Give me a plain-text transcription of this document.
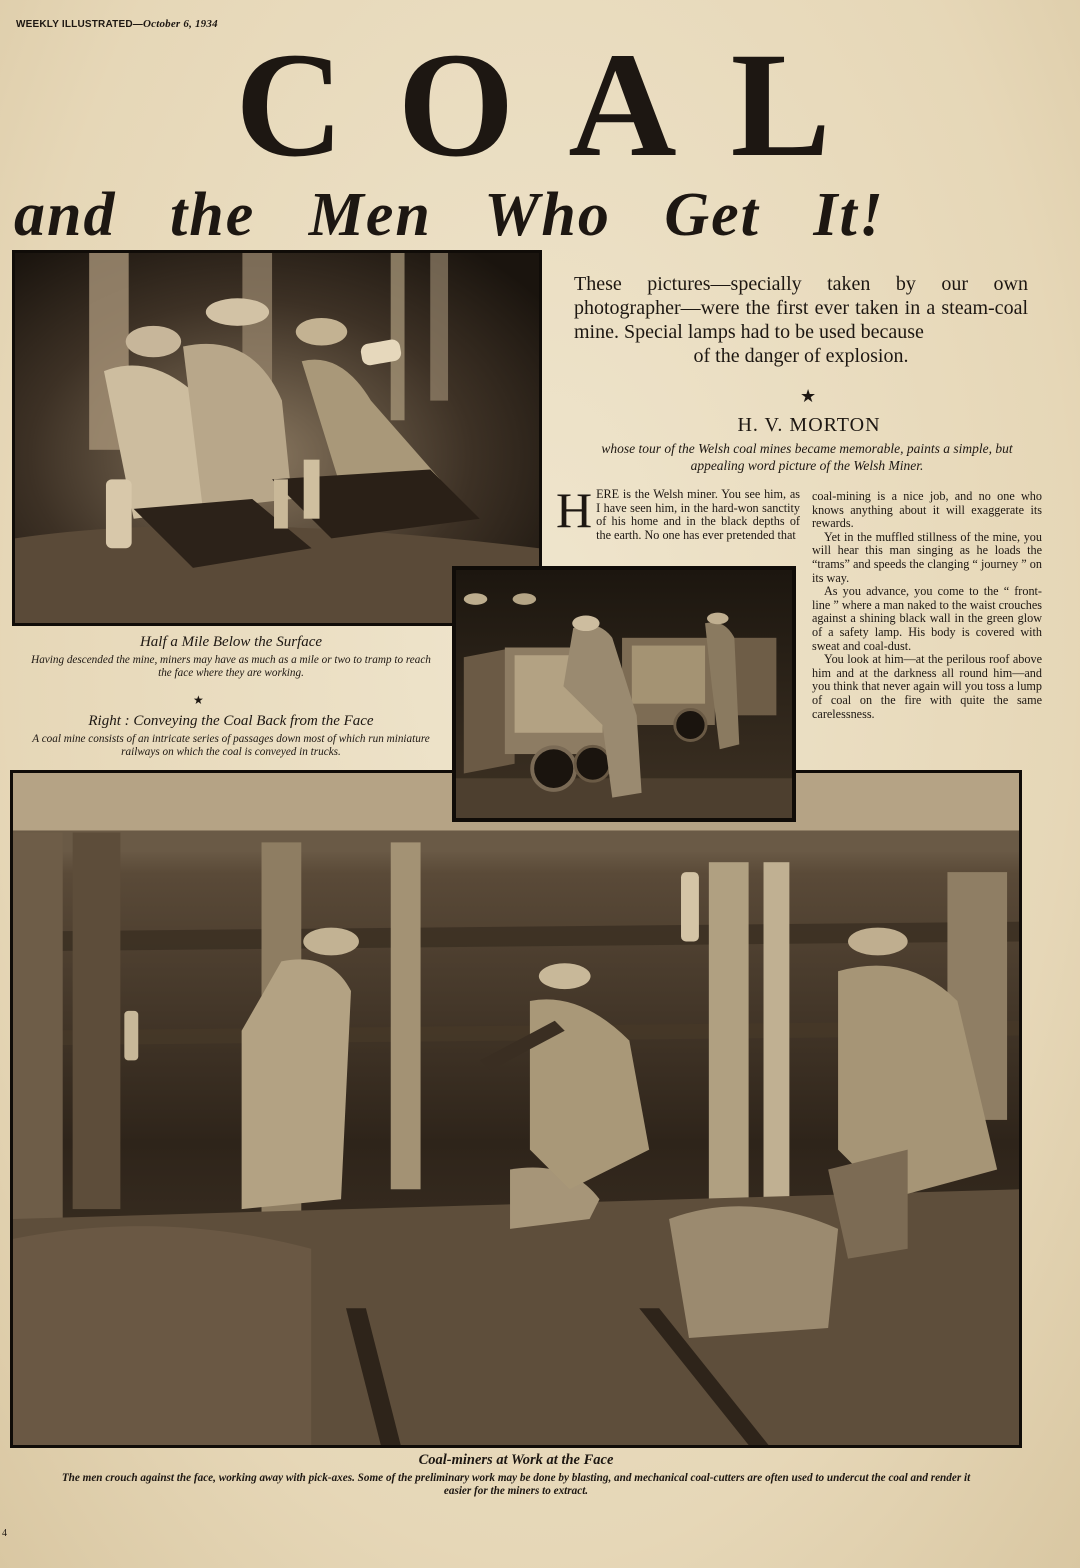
WEEKLY ILLUSTRATED—October 6, 1934 COAL
and the Men Who Get It!
These pictures—specially taken by our own photographer—were the first ever taken in a steam-coal mine. Special lamps had to be used because
of the danger of explosion.
★
H. V. MORTON
whose tour of the Welsh coal mines became memorable, paints a simple, but appealing word picture of the Welsh Miner.
HERE is the Welsh miner. You see him, as I have seen him, in the hard-won sanctity of his home and in the black depths of the earth. No one has ever pretended that
coal-mining is a nice job, and no one who knows anything about it will exaggerate its rewards.
Yet in the muffled stillness of the mine, you will hear this man singing as he loads the “trams” and speeds the clanging “ journey ” on its way.
As you advance, you come to the “ front-line ” where a man naked to the waist crouches against a shining black wall in the green glow of a safety lamp. His body is covered with sweat and coal-dust.
You look at him—at the perilous roof above him and at the darkness all round him—and you think that never again will you toss a lump of coal on the fire with quite the same carelessness.
Half a Mile Below the Surface
Having descended the mine, miners may have as much as a mile or two to tramp to reach the face where they are working.
★
Right : Conveying the Coal Back from the Face
A coal mine consists of an intricate series of passages down most of which run miniature railways on which the coal is conveyed in trucks.
Coal-miners at Work at the Face
The men crouch against the face, working away with pick-axes. Some of the preliminary work may be done by blasting, and mechanical coal-cutters are often used to undercut the coal and render it easier for the miners to extract.
4
